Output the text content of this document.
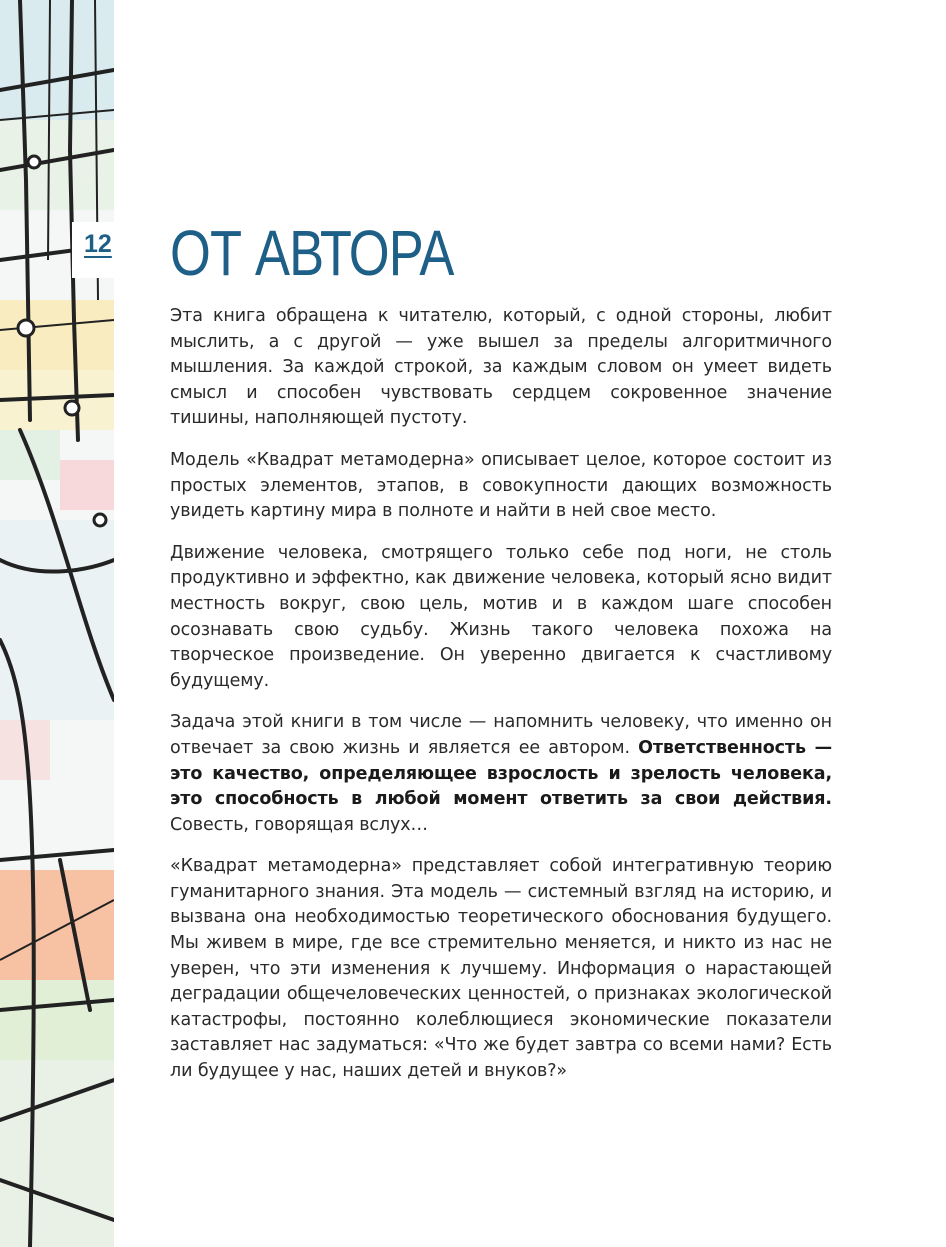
12 ОТ АВТОРА

Эта книга обращена к читателю, который, с одной стороны, любит мыслить, а с другой — уже вышел за пределы алгоритмичного мышления. За каждой строкой, за каждым словом он умеет видеть смысл и способен чувствовать сердцем сокровенное значение тишины, наполняющей пустоту.

Модель «Квадрат метамодерна» описывает целое, которое состоит из простых элементов, этапов, в совокупности дающих возможность увидеть картину мира в полноте и найти в ней свое место.

Движение человека, смотрящего только себе под ноги, не столь продуктивно и эффектно, как движение человека, который ясно видит местность вокруг, свою цель, мотив и в каждом шаге способен осознавать свою судьбу. Жизнь такого человека похожа на творческое произведение. Он уверенно двигается к счастливому будущему.

Задача этой книги в том числе — напомнить человеку, что именно он отвечает за свою жизнь и является ее автором. Ответственность — это качество, определяющее взрослость и зрелость человека, это способность в любой момент ответить за свои действия. Совесть, говорящая вслух…

«Квадрат метамодерна» представляет собой интегративную теорию гуманитарного знания. Эта модель — системный взгляд на историю, и вызвана она необходимостью теоретического обоснования будущего. Мы живем в мире, где все стремительно меняется, и никто из нас не уверен, что эти изменения к лучшему. Информация о нарастающей деградации общечеловеческих ценностей, о признаках экологической катастрофы, постоянно колеблющиеся экономические показатели заставляет нас задуматься: «Что же будет завтра со всеми нами? Есть ли будущее у нас, наших детей и внуков?»
